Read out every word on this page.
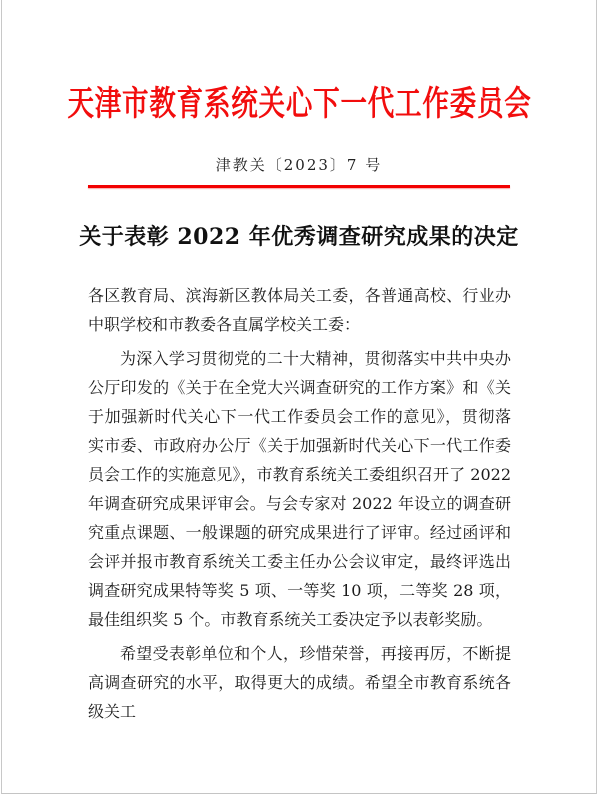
天津市教育系统关心下一代工作委员会
津教关〔2023〕7 号
关于表彰 2022 年优秀调查研究成果的决定

各区教育局、滨海新区教体局关工委，各普通高校、行业办中职学校和市教委各直属学校关工委：

为深入学习贯彻党的二十大精神，贯彻落实中共中央办公厅印发的《关于在全党大兴调查研究的工作方案》和《关于加强新时代关心下一代工作委员会工作的意见》，贯彻落实市委、市政府办公厅《关于加强新时代关心下一代工作委员会工作的实施意见》，市教育系统关工委组织召开了 2022 年调查研究成果评审会。与会专家对 2022 年设立的调查研究重点课题、一般课题的研究成果进行了评审。经过函评和会评并报市教育系统关工委主任办公会议审定，最终评选出调查研究成果特等奖 5 项、一等奖 10 项，二等奖 28 项，最佳组织奖 5 个。市教育系统关工委决定予以表彰奖励。

希望受表彰单位和个人，珍惜荣誉，再接再厉，不断提高调查研究的水平，取得更大的成绩。希望全市教育系统各级关工
